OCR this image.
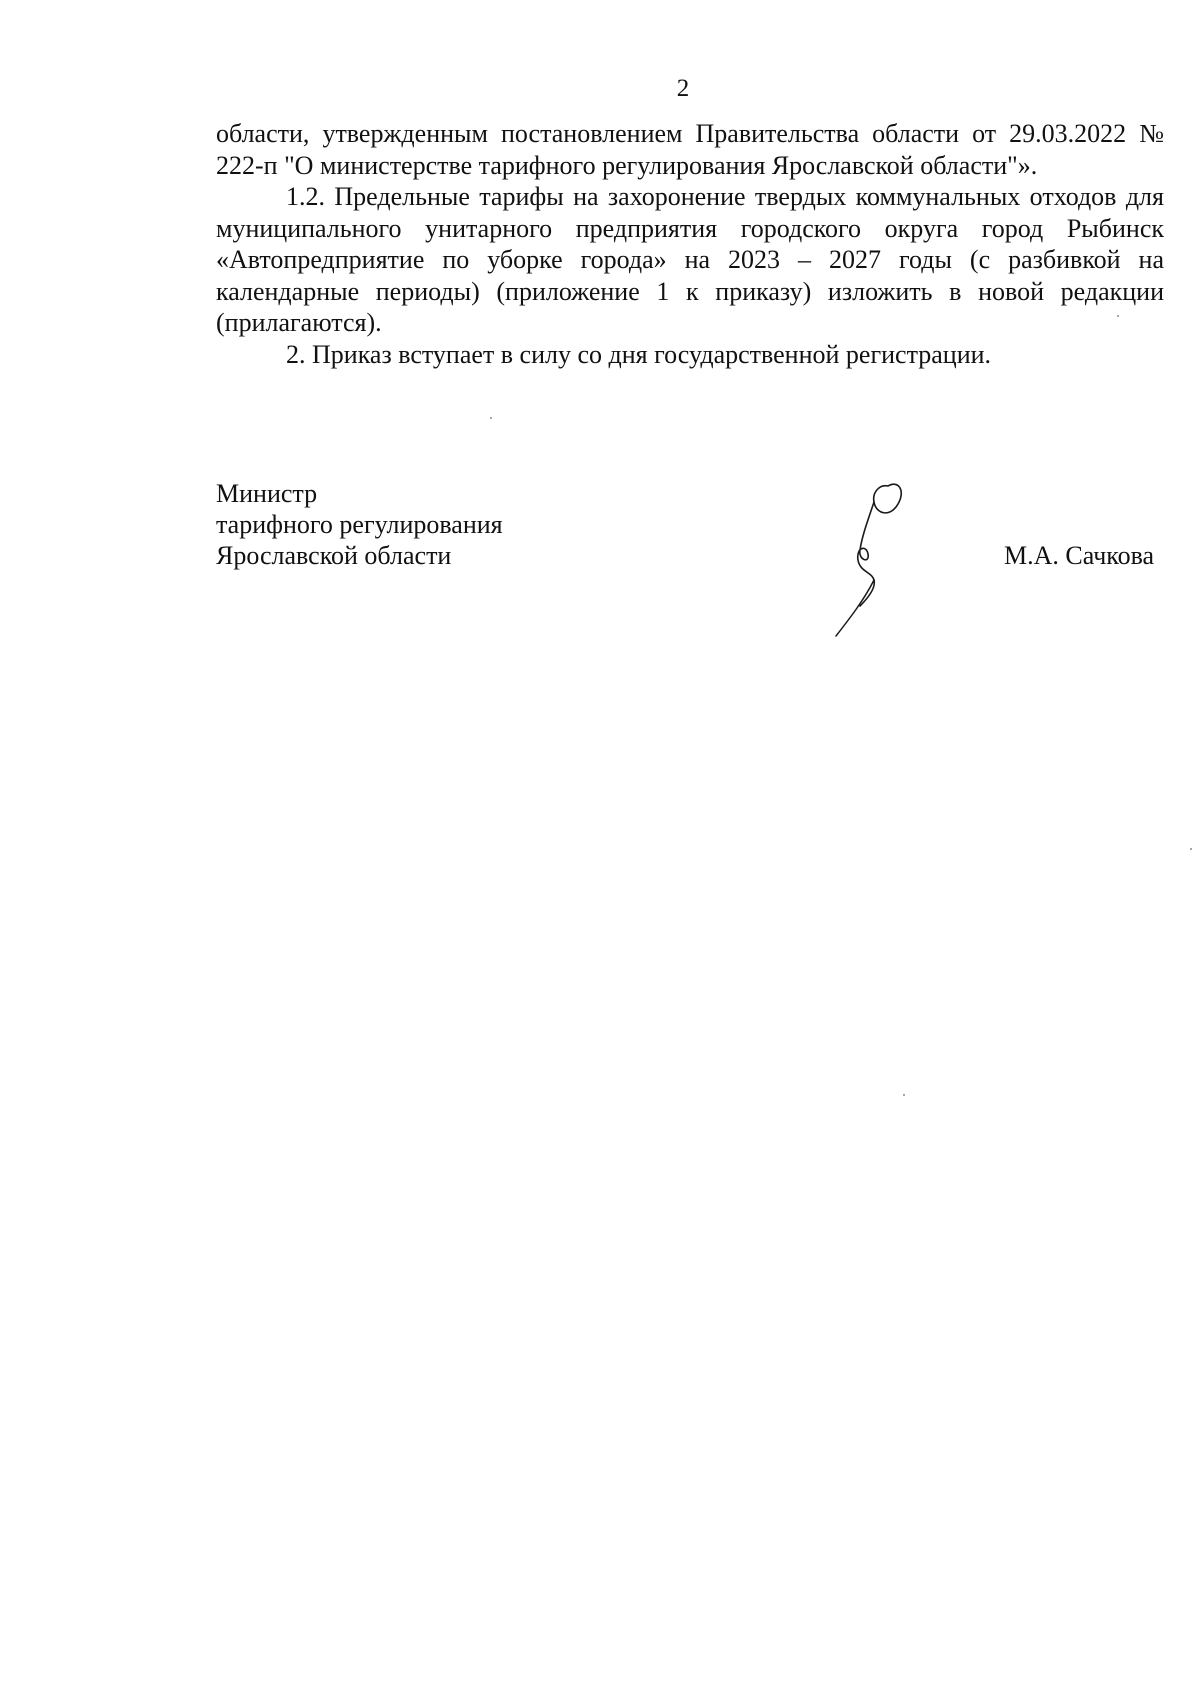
2

области, утвержденным постановлением Правительства области от 29.03.2022 № 222-п "О министерстве тарифного регулирования Ярославской области"».

1.2. Предельные тарифы на захоронение твердых коммунальных отходов для муниципального унитарного предприятия городского округа город Рыбинск «Автопредприятие по уборке города» на 2023 – 2027 годы (с разбивкой на календарные периоды) (приложение 1 к приказу) изложить в новой редакции (прилагаются).

2. Приказ вступает в силу со дня государственной регистрации.

Министр
тарифного регулирования
Ярославской области	М.А. Сачкова
